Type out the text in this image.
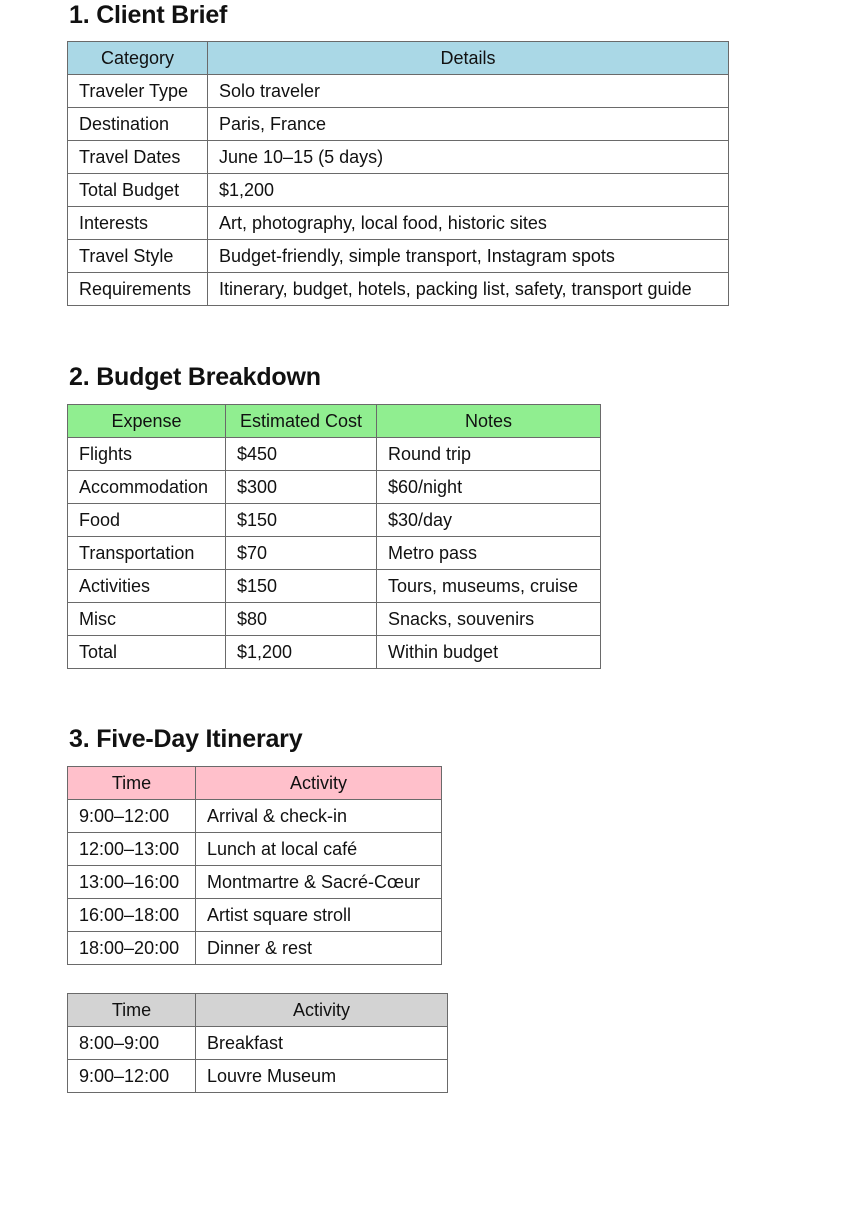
1. Client Brief
Category	Details
Traveler Type	Solo traveler
Destination	Paris, France
Travel Dates	June 10–15 (5 days)
Total Budget	$1,200
Interests	Art, photography, local food, historic sites
Travel Style	Budget-friendly, simple transport, Instagram spots
Requirements	Itinerary, budget, hotels, packing list, safety, transport guide
2. Budget Breakdown
Expense	Estimated Cost	Notes
Flights	$450	Round trip
Accommodation	$300	$60/night
Food	$150	$30/day
Transportation	$70	Metro pass
Activities	$150	Tours, museums, cruise
Misc	$80	Snacks, souvenirs
Total	$1,200	Within budget
3. Five-Day Itinerary
Time	Activity
9:00–12:00	Arrival & check-in
12:00–13:00	Lunch at local café
13:00–16:00	Montmartre & Sacré-Cœur
16:00–18:00	Artist square stroll
18:00–20:00	Dinner & rest
Time	Activity
8:00–9:00	Breakfast
9:00–12:00	Louvre Museum
